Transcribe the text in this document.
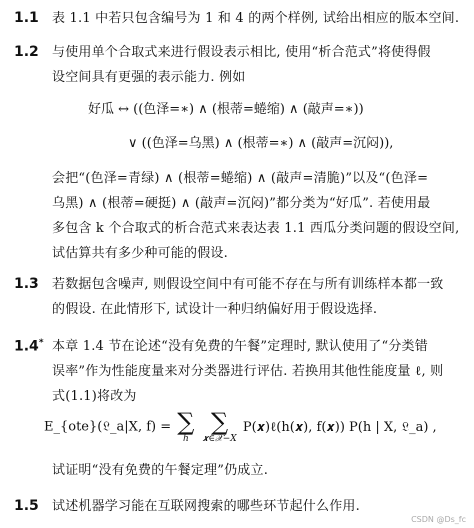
1.1 表 1.1 中若只包含编号为 1 和 4 的两个样例, 试给出相应的版本空间.
1.2 与使用单个合取式来进行假设表示相比, 使用“析合范式”将使得假
设空间具有更强的表示能力. 例如
好瓜 ↔ ((色泽=∗) ∧ (根蒂=蜷缩) ∧ (敲声=∗))
∨ ((色泽=乌黑) ∧ (根蒂=∗) ∧ (敲声=沉闷)),
会把“(色泽=青绿) ∧ (根蒂=蜷缩) ∧ (敲声=清脆)”以及“(色泽=
乌黑) ∧ (根蒂=硬挺) ∧ (敲声=沉闷)”都分类为“好瓜”. 若使用最
多包含 k 个合取式的析合范式来表达表 1.1 西瓜分类问题的假设空间,
试估算共有多少种可能的假设.
1.3 若数据包含噪声, 则假设空间中有可能不存在与所有训练样本都一致
的假设. 在此情形下, 试设计一种归纳偏好用于假设选择.
1.4* 本章 1.4 节在论述“没有免费的午餐”定理时, 默认使用了“分类错
误率”作为性能度量来对分类器进行评估. 若换用其他性能度量 ℓ, 则
式(1.1)将改为
E_{ote}(𝔏_a|X, f) = ∑
h

∑
𝒙∈𝒳−X
P(𝒙)ℓ(h(𝒙), f(𝒙)) P(h | X, 𝔏_a) ,
试证明“没有免费的午餐定理”仍成立.
1.5 试述机器学习能在互联网搜索的哪些环节起什么作用.
CSDN @Ds_fc
